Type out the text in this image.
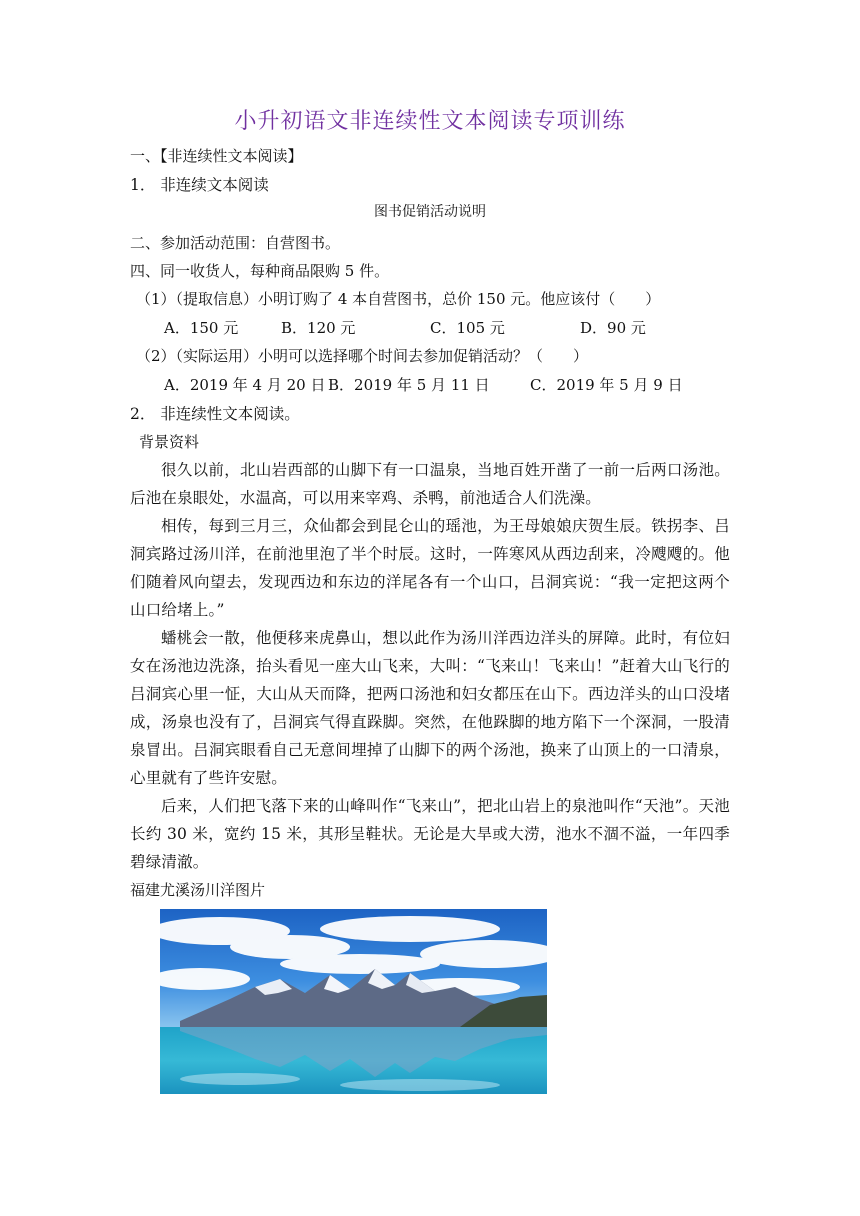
小升初语文非连续性文本阅读专项训练
一、【非连续性文本阅读】
1． 非连续文本阅读
图书促销活动说明
二、参加活动范围：自营图书。
四、同一收货人，每种商品限购 5 件。
（1）（提取信息）小明订购了 4 本自营图书，总价 150 元。他应该付（　　）
A．150 元	B．120 元	C．105 元	D．90 元
（2）（实际运用）小明可以选择哪个时间去参加促销活动？（　　）
A．2019 年 4 月 20 日 B．2019 年 5 月 11 日	C．2019 年 5 月 9 日
2． 非连续性文本阅读。
背景资料
很久以前，北山岩西部的山脚下有一口温泉，当地百姓开凿了一前一后两口汤池。后池在泉眼处，水温高，可以用来宰鸡、杀鸭，前池适合人们洗澡。
相传，每到三月三，众仙都会到昆仑山的瑶池，为王母娘娘庆贺生辰。铁拐李、吕洞宾路过汤川洋，在前池里泡了半个时辰。这时，一阵寒风从西边刮来，冷飕飕的。他们随着风向望去，发现西边和东边的洋尾各有一个山口，吕洞宾说：“我一定把这两个山口给堵上。”
蟠桃会一散，他便移来虎鼻山，想以此作为汤川洋西边洋头的屏障。此时，有位妇女在汤池边洗涤，抬头看见一座大山飞来，大叫：“飞来山！飞来山！”赶着大山飞行的吕洞宾心里一怔，大山从天而降，把两口汤池和妇女都压在山下。西边洋头的山口没堵成，汤泉也没有了，吕洞宾气得直跺脚。突然，在他跺脚的地方陷下一个深洞，一股清泉冒出。吕洞宾眼看自己无意间埋掉了山脚下的两个汤池，换来了山顶上的一口清泉，心里就有了些许安慰。
后来，人们把飞落下来的山峰叫作“飞来山”，把北山岩上的泉池叫作“天池”。天池长约 30 米，宽约 15 米，其形呈鞋状。无论是大旱或大涝，池水不涸不溢，一年四季碧绿清澈。
福建尤溪汤川洋图片
